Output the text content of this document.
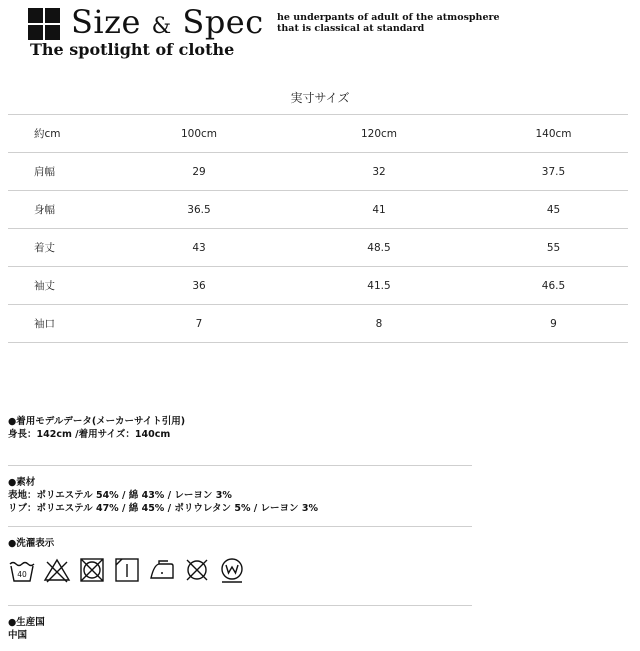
Size & Spec
The spotlight of clothe
he underpants of adult of the atmosphere
that is classical at standard
実寸サイズ
約cm	100cm	120cm	140cm
肩幅	29	32	37.5
身幅	36.5	41	45
着丈	43	48.5	55
袖丈	36	41.5	46.5
袖口	7	8	9
● 着用モデルデータ(メーカーサイト引用)
身長：142cm /着用サイズ：140cm
● 素材
表地：ポリエステル 54% / 綿 43% / レーヨン 3%
リブ：ポリエステル 47% / 綿 45% / ポリウレタン 5% / レーヨン 3%
● 洗濯表示
40
● 生産国
中国
